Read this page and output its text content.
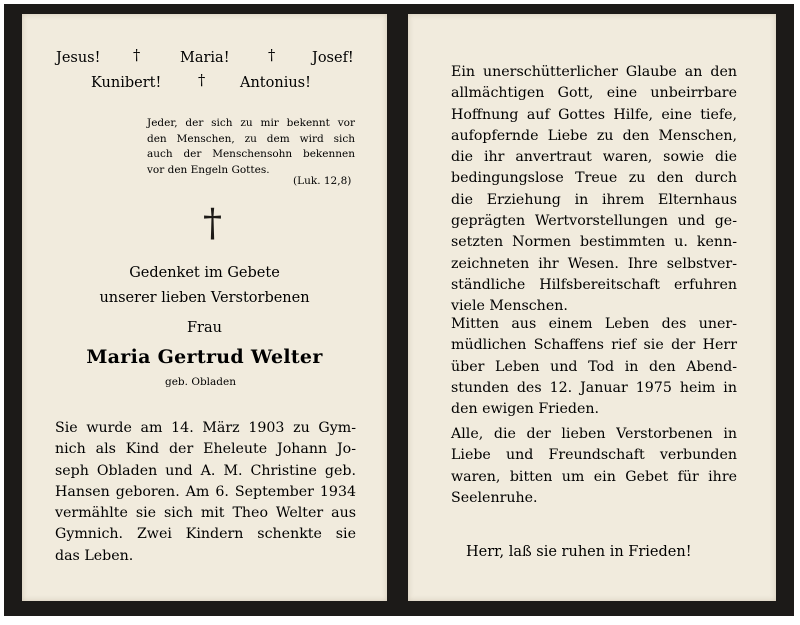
Jesus! †	Maria!	†	Josef!
Kunibert!	† Antonius!
Jeder, der sich zu mir bekennt vor
den Menschen, zu dem wird sich
auch der Menschensohn bekennen
vor den Engeln Gottes.
(Luk. 12,8)
†
Gedenket im Gebete
unserer lieben Verstorbenen
Frau
Maria Gertrud Welter
geb. Obladen
Sie wurde am 14. März 1903 zu Gym-
nich als Kind der Eheleute Johann Jo-
seph Obladen und A. M. Christine geb.
Hansen geboren. Am 6. September 1934
vermählte sie sich mit Theo Welter aus
Gymnich. Zwei Kindern schenkte sie
das Leben.
Ein unerschütterlicher Glaube an den
allmächtigen Gott, eine unbeirrbare
Hoffnung auf Gottes Hilfe, eine tiefe,
aufopfernde Liebe zu den Menschen,
die ihr anvertraut waren, sowie die
bedingungslose Treue zu den durch
die Erziehung in ihrem Elternhaus
geprägten Wertvorstellungen und ge-
setzten Normen bestimmten u. kenn-
zeichneten ihr Wesen. Ihre selbstver-
ständliche Hilfsbereitschaft erfuhren
viele Menschen.
Mitten aus einem Leben des uner-
müdlichen Schaffens rief sie der Herr
über Leben und Tod in den Abend-
stunden des 12. Januar 1975 heim in
den ewigen Frieden.
Alle, die der lieben Verstorbenen in
Liebe und Freundschaft verbunden
waren, bitten um ein Gebet für ihre
Seelenruhe.
Herr, laß sie ruhen in Frieden!
